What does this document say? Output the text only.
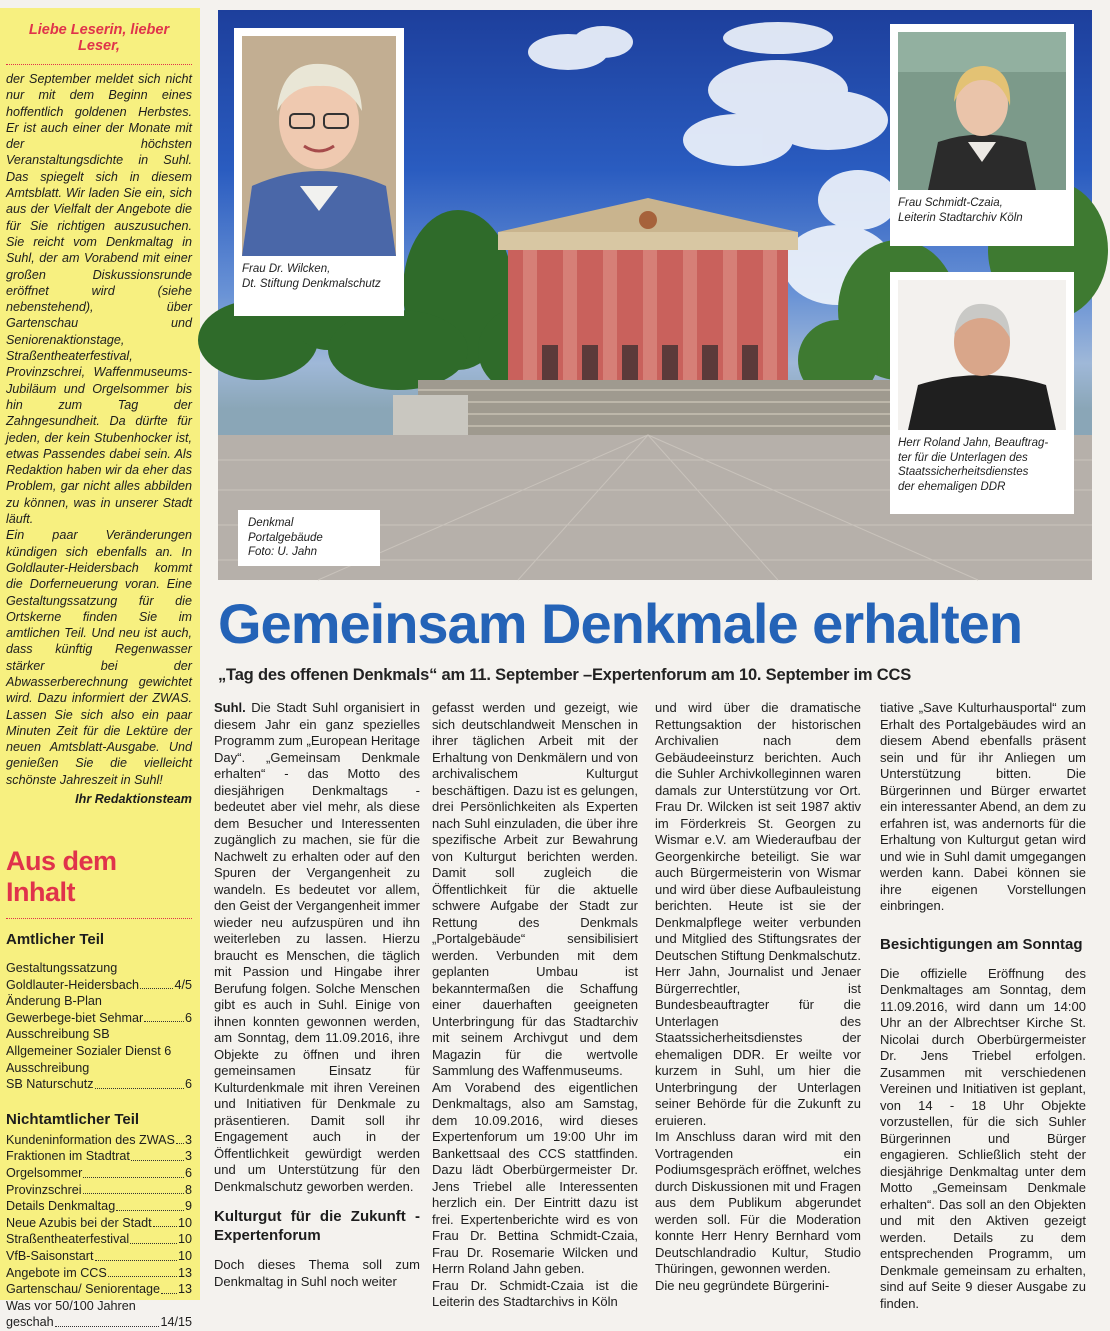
Liebe Leserin, lieber Leser,

der September meldet sich nicht nur mit dem Beginn eines hoffentlich goldenen Herbstes. Er ist auch einer der Monate mit der höchsten Veranstaltungsdichte in Suhl. Das spiegelt sich in diesem Amtsblatt. Wir laden Sie ein, sich aus der Vielfalt der Angebote die für Sie richtigen auszusuchen. Sie reicht vom Denkmaltag in Suhl, der am Vorabend mit einer großen Diskussionsrunde eröffnet wird (siehe nebenstehend), über Gartenschau und Seniorenaktionstage, Straßentheaterfestival, Provinzschrei, Waffenmuseums-Jubiläum und Orgelsommer bis hin zum Tag der Zahngesundheit. Da dürfte für jeden, der kein Stubenhocker ist, etwas Passendes dabei sein. Als Redaktion haben wir da eher das Problem, gar nicht alles abbilden zu können, was in unserer Stadt läuft.

Ein paar Veränderungen kündigen sich ebenfalls an. In Goldlauter-Heidersbach kommt die Dorferneuerung voran. Eine Gestaltungssatzung für die Ortskerne finden Sie im amtlichen Teil. Und neu ist auch, dass künftig Regenwasser stärker bei der Abwasserberechnung gewichtet wird. Dazu informiert der ZWAS. Lassen Sie sich also ein paar Minuten Zeit für die Lektüre der neuen Amtsblatt-Ausgabe. Und genießen Sie die vielleicht schönste Jahreszeit in Suhl!

Ihr Redaktionsteam
Aus dem Inhalt
Amtlicher Teil
Gestaltungssatzung
Goldlauter-Heidersbach	4/5
Änderung B-Plan
Gewerbege-biet Sehmar	6
Ausschreibung SB
Allgemeiner Sozialer Dienst 6
Ausschreibung
SB Naturschutz	6
Nichtamtlicher Teil
Kundeninformation des ZWAS 3
Fraktionen im Stadtrat	3
Orgelsommer	6
Provinzschrei	8
Details Denkmaltag	9
Neue Azubis bei der Stadt 10
Straßentheaterfestival	10
VfB-Saisonstart	10
Angebote im CCS	13
Gartenschau/ Seniorentage 13
Was vor 50/100 Jahren
geschah	14/15
Frau Dr. Wilcken,
Dt. Stiftung Denkmalschutz
Frau Schmidt-Czaia,
Leiterin Stadtarchiv Köln
Herr Roland Jahn, Beauftrag-
ter für die Unterlagen des
Staatssicherheitsdienstes
der ehemaligen DDR
Denkmal Portalgebäude
Foto: U. Jahn
Gemeinsam Denkmale erhalten
„Tag des offenen Denkmals“ am 11. September –Expertenforum am 10. September im CCS

Suhl. Die Stadt Suhl organisiert in diesem Jahr ein ganz spezielles Programm zum „European Heritage Day“. „Gemeinsam Denkmale erhalten“ - das Motto des diesjährigen Denkmaltags - bedeutet aber viel mehr, als diese dem Besucher und Interessenten zugänglich zu machen, sie für die Nachwelt zu erhalten oder auf den Spuren der Vergangenheit zu wandeln. Es bedeutet vor allem, den Geist der Vergangenheit immer wieder neu aufzuspüren und ihn weiterleben zu lassen. Hierzu braucht es Menschen, die täglich mit Passion und Hingabe ihrer Berufung folgen. Solche Menschen gibt es auch in Suhl. Einige von ihnen konnten gewonnen werden, am Sonntag, dem 11.09.2016, ihre Objekte zu öffnen und ihren gemeinsamen Einsatz für Kulturdenkmale mit ihren Vereinen und Initiativen für Denkmale zu präsentieren. Damit soll ihr Engagement auch in der Öffentlichkeit gewürdigt werden und um Unterstützung für den Denkmalschutz geworben werden.

Kulturgut für die Zukunft - Expertenforum

Doch dieses Thema soll zum Denkmaltag in Suhl noch weiter

gefasst werden und gezeigt, wie sich deutschlandweit Menschen in ihrer täglichen Arbeit mit der Erhaltung von Denkmälern und von archivalischem Kulturgut beschäftigen. Dazu ist es gelungen, drei Persönlichkeiten als Experten nach Suhl einzuladen, die über ihre spezifische Arbeit zur Bewahrung von Kulturgut berichten werden. Damit soll zugleich die Öffentlichkeit für die aktuelle schwere Aufgabe der Stadt zur Rettung des Denkmals „Portalgebäude“ sensibilisiert werden. Verbunden mit dem geplanten Umbau ist bekanntermaßen die Schaffung einer dauerhaften geeigneten Unterbringung für das Stadtarchiv mit seinem Archivgut und dem Magazin für die wertvolle Sammlung des Waffenmuseums.

Am Vorabend des eigentlichen Denkmaltags, also am Samstag, dem 10.09.2016, wird dieses Expertenforum um 19:00 Uhr im Bankettsaal des CCS stattfinden. Dazu lädt Oberbürgermeister Dr. Jens Triebel alle Interessenten herzlich ein. Der Eintritt dazu ist frei. Expertenberichte wird es von Frau Dr. Bettina Schmidt-Czaia, Frau Dr. Rosemarie Wilcken und Herrn Roland Jahn geben.

Frau Dr. Schmidt-Czaia ist die Leiterin des Stadtarchivs in Köln

und wird über die dramatische Rettungsaktion der historischen Archivalien nach dem Gebäudeeinsturz berichten. Auch die Suhler Archivkolleginnen waren damals zur Unterstützung vor Ort. Frau Dr. Wilcken ist seit 1987 aktiv im Förderkreis St. Georgen zu Wismar e.V. am Wiederaufbau der Georgenkirche beteiligt. Sie war auch Bürgermeisterin von Wismar und wird über diese Aufbauleistung berichten. Heute ist sie der Denkmalpflege weiter verbunden und Mitglied des Stiftungsrates der Deutschen Stiftung Denkmalschutz.

Herr Jahn, Journalist und Jenaer Bürgerrechtler, ist Bundesbeauftragter für die Unterlagen des Staatssicherheitsdienstes der ehemaligen DDR. Er weilte vor kurzem in Suhl, um hier die Unterbringung der Unterlagen seiner Behörde für die Zukunft zu eruieren.

Im Anschluss daran wird mit den Vortragenden ein Podiumsgespräch eröffnet, welches durch Diskussionen mit und Fragen aus dem Publikum abgerundet werden soll. Für die Moderation konnte Herr Henry Bernhard vom Deutschlandradio Kultur, Studio Thüringen, gewonnen werden.

Die neu gegründete Bürgerini-

tiative „Save Kulturhausportal“ zum Erhalt des Portalgebäudes wird an diesem Abend ebenfalls präsent sein und für ihr Anliegen um Unterstützung bitten. Die Bürgerinnen und Bürger erwartet ein interessanter Abend, an dem zu erfahren ist, was andernorts für die Erhaltung von Kulturgut getan wird und wie in Suhl damit umgegangen werden kann. Dabei können sie ihre eigenen Vorstellungen einbringen.

Besichtigungen am Sonntag

Die offizielle Eröffnung des Denkmaltages am Sonntag, dem 11.09.2016, wird dann um 14:00 Uhr an der Albrechtser Kirche St. Nicolai durch Oberbürgermeister Dr. Jens Triebel erfolgen. Zusammen mit verschiedenen Vereinen und Initiativen ist geplant, von 14 - 18 Uhr Objekte vorzustellen, für die sich Suhler Bürgerinnen und Bürger engagieren. Schließlich steht der diesjährige Denkmaltag unter dem Motto „Gemeinsam Denkmale erhalten“. Das soll an den Objekten und mit den Aktiven gezeigt werden. Details zu dem entsprechenden Programm, um Denkmale gemeinsam zu erhalten, sind auf Seite 9 dieser Ausgabe zu finden.
